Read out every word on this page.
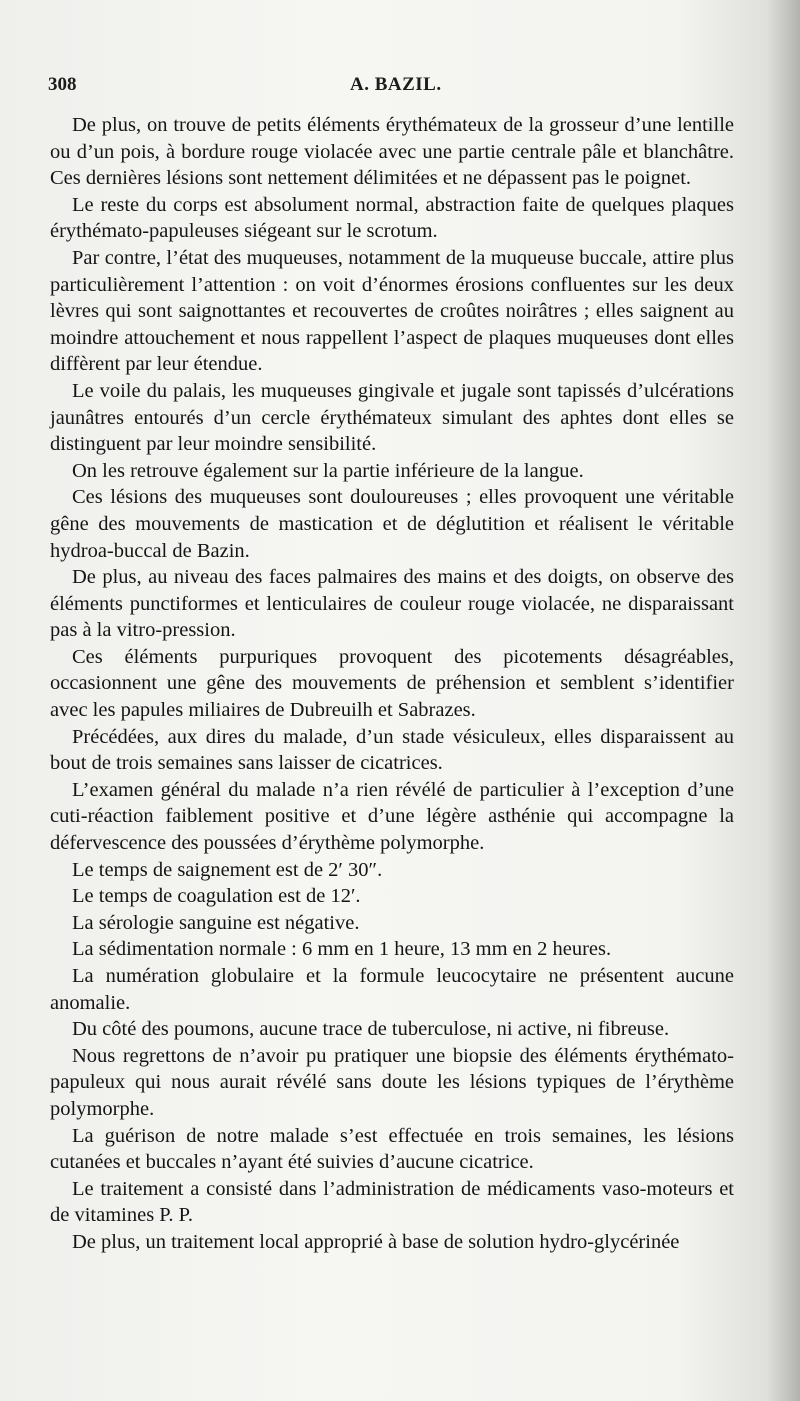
308	A. BAZIL.

De plus, on trouve de petits éléments érythémateux de la grosseur d’une lentille ou d’un pois, à bordure rouge violacée avec une partie centrale pâle et blanchâtre. Ces dernières lésions sont nettement délimitées et ne dépassent pas le poignet.

Le reste du corps est absolument normal, abstraction faite de quelques plaques érythémato-papuleuses siégeant sur le scrotum.

Par contre, l’état des muqueuses, notamment de la muqueuse buccale, attire plus particulièrement l’attention : on voit d’énormes érosions confluentes sur les deux lèvres qui sont saignottantes et recouvertes de croûtes noirâtres ; elles saignent au moindre attouchement et nous rappellent l’aspect de plaques muqueuses dont elles diffèrent par leur étendue.

Le voile du palais, les muqueuses gingivale et jugale sont tapissés d’ulcérations jaunâtres entourés d’un cercle érythémateux simulant des aphtes dont elles se distinguent par leur moindre sensibilité.

On les retrouve également sur la partie inférieure de la langue.

Ces lésions des muqueuses sont douloureuses ; elles provoquent une véritable gêne des mouvements de mastication et de déglutition et réalisent le véritable hydroa-buccal de Bazin.

De plus, au niveau des faces palmaires des mains et des doigts, on observe des éléments punctiformes et lenticulaires de couleur rouge violacée, ne disparaissant pas à la vitro-pression.

Ces éléments purpuriques provoquent des picotements désagréables, occasionnent une gêne des mouvements de préhension et semblent s’identifier avec les papules miliaires de Dubreuilh et Sabrazes.

Précédées, aux dires du malade, d’un stade vésiculeux, elles disparaissent au bout de trois semaines sans laisser de cicatrices.

L’examen général du malade n’a rien révélé de particulier à l’exception d’une cuti-réaction faiblement positive et d’une légère asthénie qui accompagne la défervescence des poussées d’érythème polymorphe.

Le temps de saignement est de 2′ 30″.

Le temps de coagulation est de 12′.

La sérologie sanguine est négative.

La sédimentation normale : 6 mm en 1 heure, 13 mm en 2 heures.

La numération globulaire et la formule leucocytaire ne présentent aucune anomalie.

Du côté des poumons, aucune trace de tuberculose, ni active, ni fibreuse.

Nous regrettons de n’avoir pu pratiquer une biopsie des éléments érythémato-papuleux qui nous aurait révélé sans doute les lésions typiques de l’érythème polymorphe.

La guérison de notre malade s’est effectuée en trois semaines, les lésions cutanées et buccales n’ayant été suivies d’aucune cicatrice.

Le traitement a consisté dans l’administration de médicaments vaso-moteurs et de vitamines P. P.

De plus, un traitement local approprié à base de solution hydro-glycérinée
